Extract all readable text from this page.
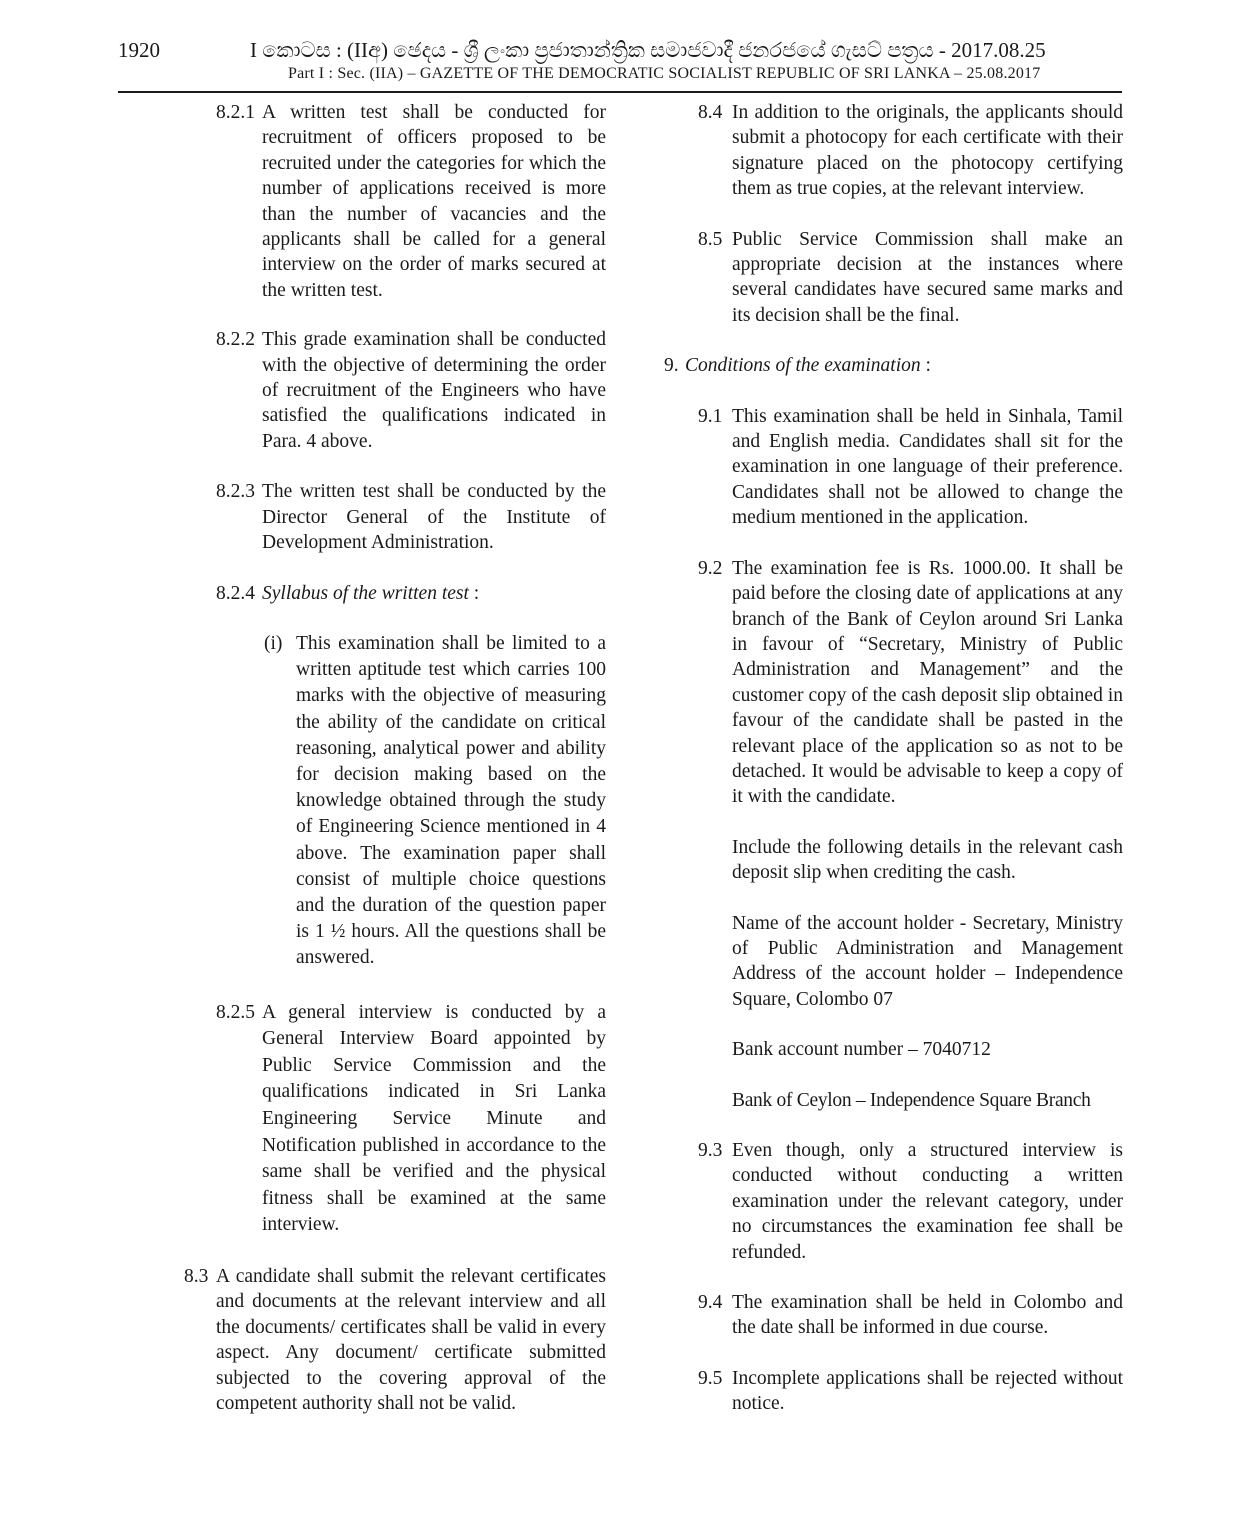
1920	I කොටස : (IIඅ) ඡෙදය - ශ්‍රී ලංකා ප්‍රජාතාන්ත්‍රික සමාජවාදී ජනරජයේ ගැසට් පත්‍රය - 2017.08.25
Part I : Sec. (IIA) – GAZETTE OF THE DEMOCRATIC SOCIALIST REPUBLIC OF SRI LANKA – 25.08.2017
8.2.1 A written test shall be conducted for recruitment of officers proposed to be recruited under the categories for which the number of applications received is more than the number of vacancies and the applicants shall be called for a general interview on the order of marks secured at the written test.
8.2.2 This grade examination shall be conducted with the objective of determining the order of recruitment of the Engineers who have satisfied the qualifications indicated in Para. 4 above.
8.2.3 The written test shall be conducted by the Director General of the Institute of Development Administration.
8.2.4 Syllabus of the written test :
(i) This examination shall be limited to a written aptitude test which carries 100 marks with the objective of measuring the ability of the candidate on critical reasoning, analytical power and ability for decision making based on the knowledge obtained through the study of Engineering Science mentioned in 4 above. The examination paper shall consist of multiple choice questions and the duration of the question paper is 1 ½ hours. All the questions shall be answered.
8.2.5 A general interview is conducted by a General Interview Board appointed by Public Service Commission and the qualifications indicated in Sri Lanka Engineering Service Minute and Notification published in accordance to the same shall be verified and the physical fitness shall be examined at the same interview.
8.3 A candidate shall submit the relevant certificates and documents at the relevant interview and all the documents/ certificates shall be valid in every aspect. Any document/ certificate submitted subjected to the covering approval of the competent authority shall not be valid.
8.4 In addition to the originals, the applicants should submit a photocopy for each certificate with their signature placed on the photocopy certifying them as true copies, at the relevant interview.
8.5 Public Service Commission shall make an appropriate decision at the instances where several candidates have secured same marks and its decision shall be the final.
9. Conditions of the examination :
9.1 This examination shall be held in Sinhala, Tamil and English media. Candidates shall sit for the examination in one language of their preference. Candidates shall not be allowed to change the medium mentioned in the application.
9.2 The examination fee is Rs. 1000.00. It shall be paid before the closing date of applications at any branch of the Bank of Ceylon around Sri Lanka in favour of “Secretary, Ministry of Public Administration and Management” and the customer copy of the cash deposit slip obtained in favour of the candidate shall be pasted in the relevant place of the application so as not to be detached. It would be advisable to keep a copy of it with the candidate.
Include the following details in the relevant cash deposit slip when crediting the cash.
Name of the account holder - Secretary, Ministry of Public Administration and Management Address of the account holder – Independence Square, Colombo 07
Bank account number – 7040712
Bank of Ceylon – Independence Square Branch
9.3 Even though, only a structured interview is conducted without conducting a written examination under the relevant category, under no circumstances the examination fee shall be refunded.
9.4 The examination shall be held in Colombo and the date shall be informed in due course.
9.5 Incomplete applications shall be rejected without notice.
